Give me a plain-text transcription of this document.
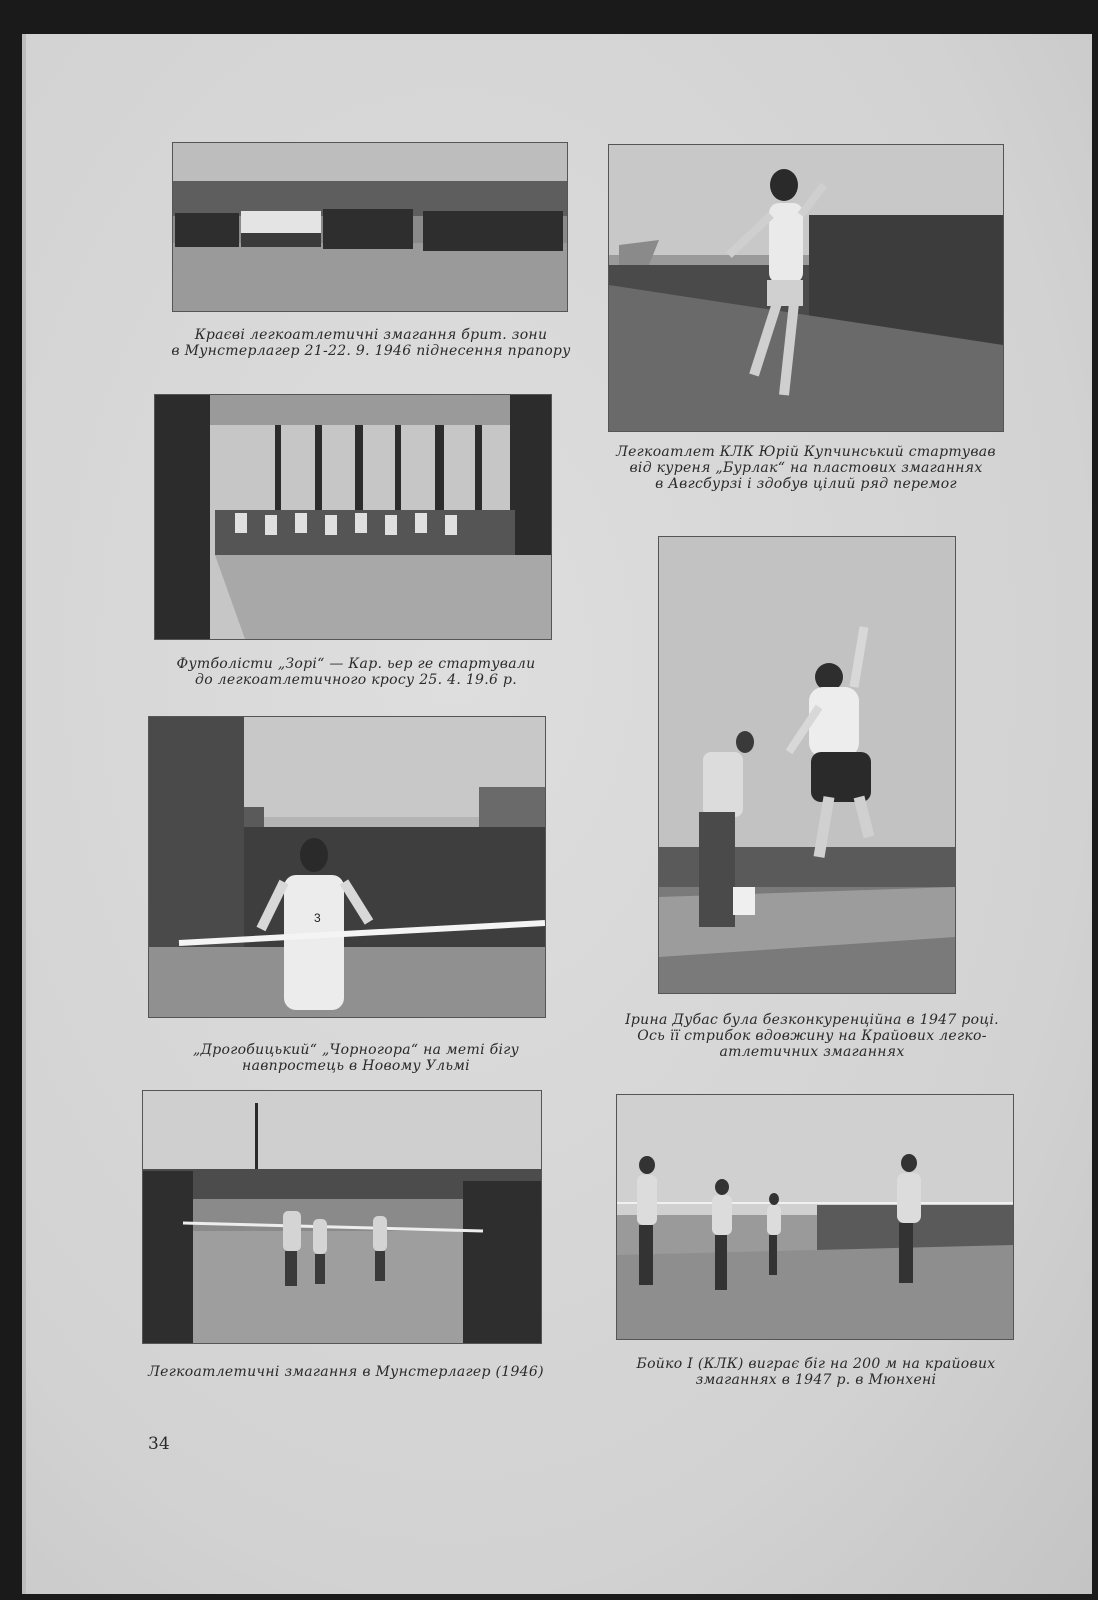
Краєві легкоатлетичні змагання брит. зони
в Мунстерлагер 21-22. 9. 1946 піднесення прапору
Легкоатлет КЛК Юрій Купчинський стартував
від куреня „Бурлак“ на пластових змаганнях
в Авгсбурзі і здобув цілий ряд перемог
Футболісти „Зорі“ — Кар. ьер ге стартували
до легкоатлетичного кросу 25. 4. 19.6 р.
Ірина Дубас була безконкуренційна в 1947 році.
Ось її стрибок вдовжину на Крайових легко-
атлетичних змаганнях
3
„Дрогобицький“ „Чорногора“ на меті бігу
навпростець в Новому Ульмі
Легкоатлетичні змагання в Мунстерлагер (1946)	Бойко І (КЛК) виграє біг на 200 м на крайових
змаганнях в 1947 р. в Мюнхені
34
